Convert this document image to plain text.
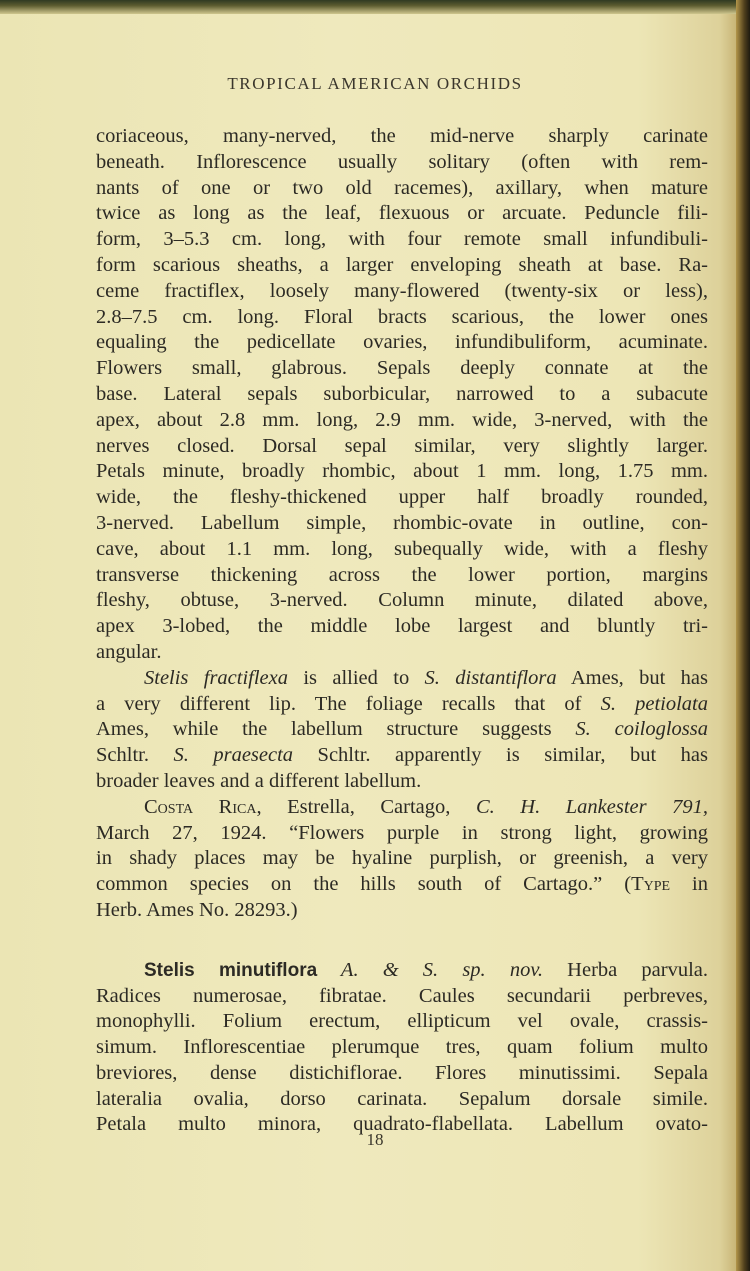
TROPICAL AMERICAN ORCHIDS
coriaceous, many-nerved, the mid-nerve sharply carinate
beneath. Inflorescence usually solitary (often with rem-
nants of one or two old racemes), axillary, when mature
twice as long as the leaf, flexuous or arcuate. Peduncle fili-
form, 3–5.3 cm. long, with four remote small infundibuli-
form scarious sheaths, a larger enveloping sheath at base. Ra-
ceme fractiflex, loosely many-flowered (twenty-six or less),
2.8–7.5 cm. long. Floral bracts scarious, the lower ones
equaling the pedicellate ovaries, infundibuliform, acuminate.
Flowers small, glabrous. Sepals deeply connate at the
base. Lateral sepals suborbicular, narrowed to a subacute
apex, about 2.8 mm. long, 2.9 mm. wide, 3-nerved, with the
nerves closed. Dorsal sepal similar, very slightly larger.
Petals minute, broadly rhombic, about 1 mm. long, 1.75 mm.
wide, the fleshy-thickened upper half broadly rounded,
3-nerved. Labellum simple, rhombic-ovate in outline, con-
cave, about 1.1 mm. long, subequally wide, with a fleshy
transverse thickening across the lower portion, margins
fleshy, obtuse, 3-nerved. Column minute, dilated above,
apex 3-lobed, the middle lobe largest and bluntly tri-
angular.
Stelis fractiflexa is allied to S. distantiflora Ames, but has
a very different lip. The foliage recalls that of S. petiolata
Ames, while the labellum structure suggests S. coiloglossa
Schltr. S. praesecta Schltr. apparently is similar, but has
broader leaves and a different labellum.
Costa Rica, Estrella, Cartago, C. H. Lankester 791,
March 27, 1924. “Flowers purple in strong light, growing
in shady places may be hyaline purplish, or greenish, a very
common species on the hills south of Cartago.” (Type in
Herb. Ames No. 28293.)
Stelis minutiflora A. & S. sp. nov. Herba parvula.
Radices numerosae, fibratae. Caules secundarii perbreves,
monophylli. Folium erectum, ellipticum vel ovale, crassis-
simum. Inflorescentiae plerumque tres, quam folium multo
breviores, dense distichiflorae. Flores minutissimi. Sepala
lateralia ovalia, dorso carinata. Sepalum dorsale simile.
Petala multo minora, quadrato-flabellata. Labellum ovato-
18
